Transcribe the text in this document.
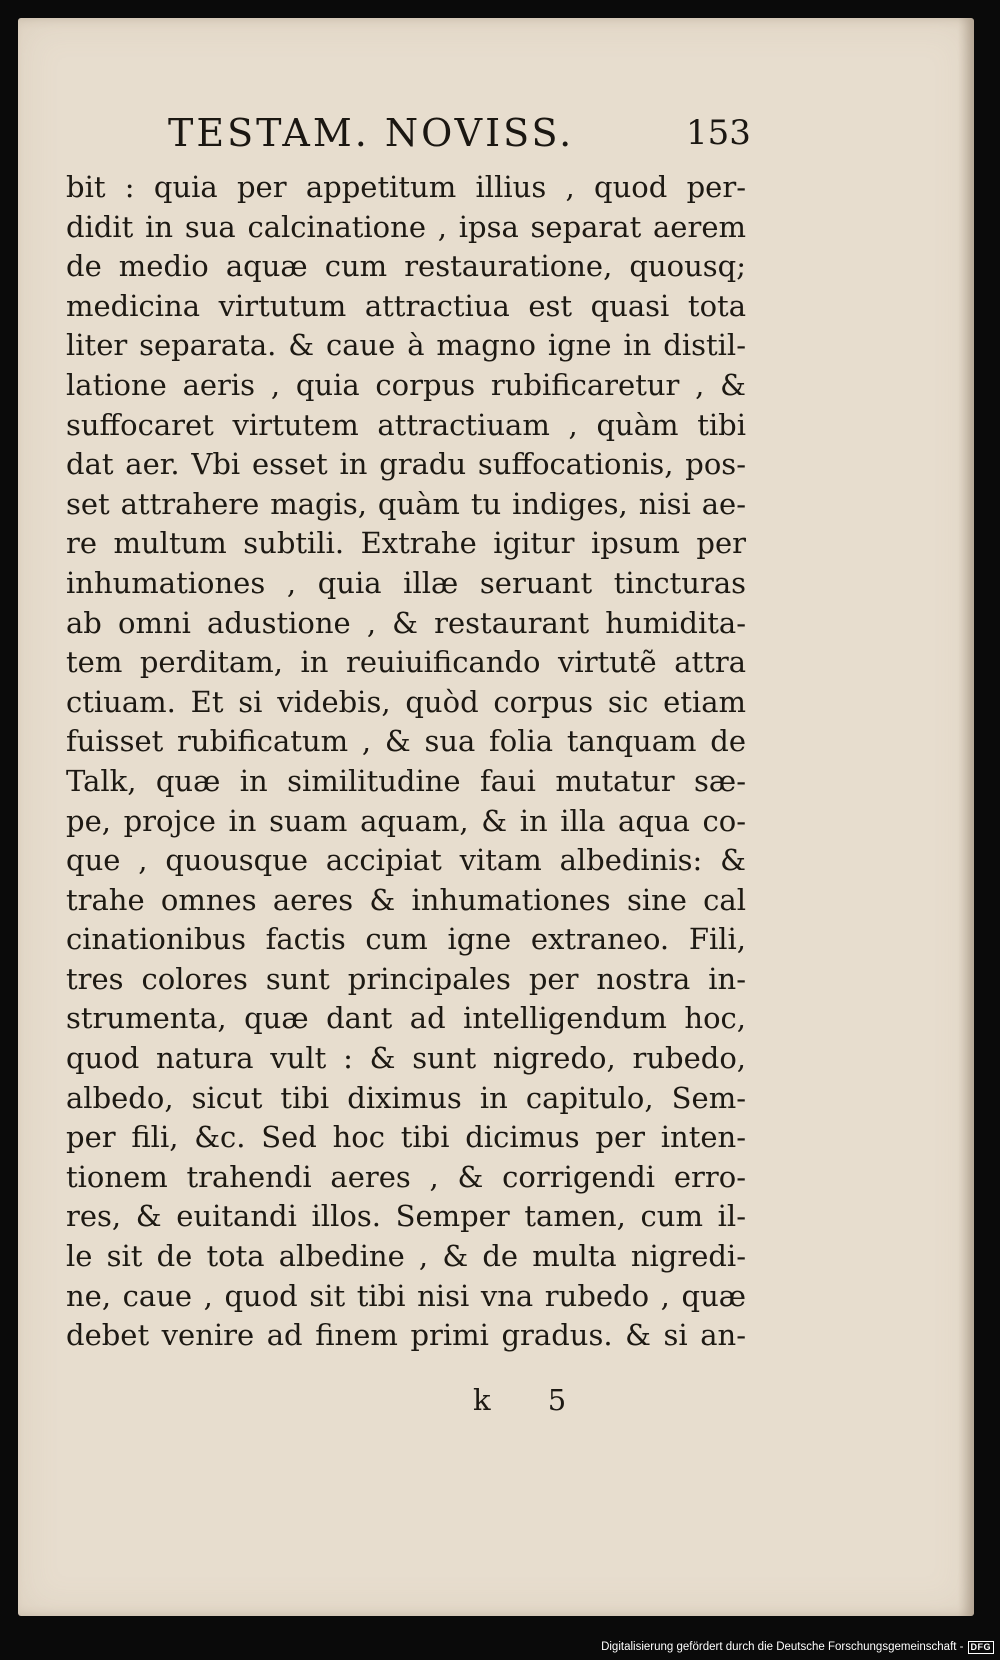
TESTAM. NOVISS.	153
bit : quia per appetitum illius , quod per-
didit in sua calcinatione , ipsa separat aerem
de medio aquæ cum restauratione, quousq;
medicina virtutum attractiua est quasi tota
liter separata. & caue à magno igne in distil-
latione aeris , quia corpus rubificaretur , &
suffocaret virtutem attractiuam , quàm tibi
dat aer. Vbi esset in gradu suffocationis, pos-
set attrahere magis, quàm tu indiges, nisi ae-
re multum subtili. Extrahe igitur ipsum per
inhumationes , quia illæ seruant tincturas
ab omni adustione , & restaurant humidita-
tem perditam, in reuiuificando virtutẽ attra
ctiuam. Et si videbis, quòd corpus sic etiam
fuisset rubificatum , & sua folia tanquam de
Talk, quæ in similitudine faui mutatur sæ-
pe, projce in suam aquam, & in illa aqua co-
que , quousque accipiat vitam albedinis: &
trahe omnes aeres & inhumationes sine cal
cinationibus factis cum igne extraneo. Fili,
tres colores sunt principales per nostra in-
strumenta, quæ dant ad intelligendum hoc,
quod natura vult : & sunt nigredo, rubedo,
albedo, sicut tibi diximus in capitulo, Sem-
per fili, &c. Sed hoc tibi dicimus per inten-
tionem trahendi aeres , & corrigendi erro-
res, & euitandi illos. Semper tamen, cum il-
le sit de tota albedine , & de multa nigredi-
ne, caue , quod sit tibi nisi vna rubedo , quæ
debet venire ad finem primi gradus. & si an-
k 5
Digitalisierung gefördert durch die Deutsche Forschungsgemeinschaft - DFG
